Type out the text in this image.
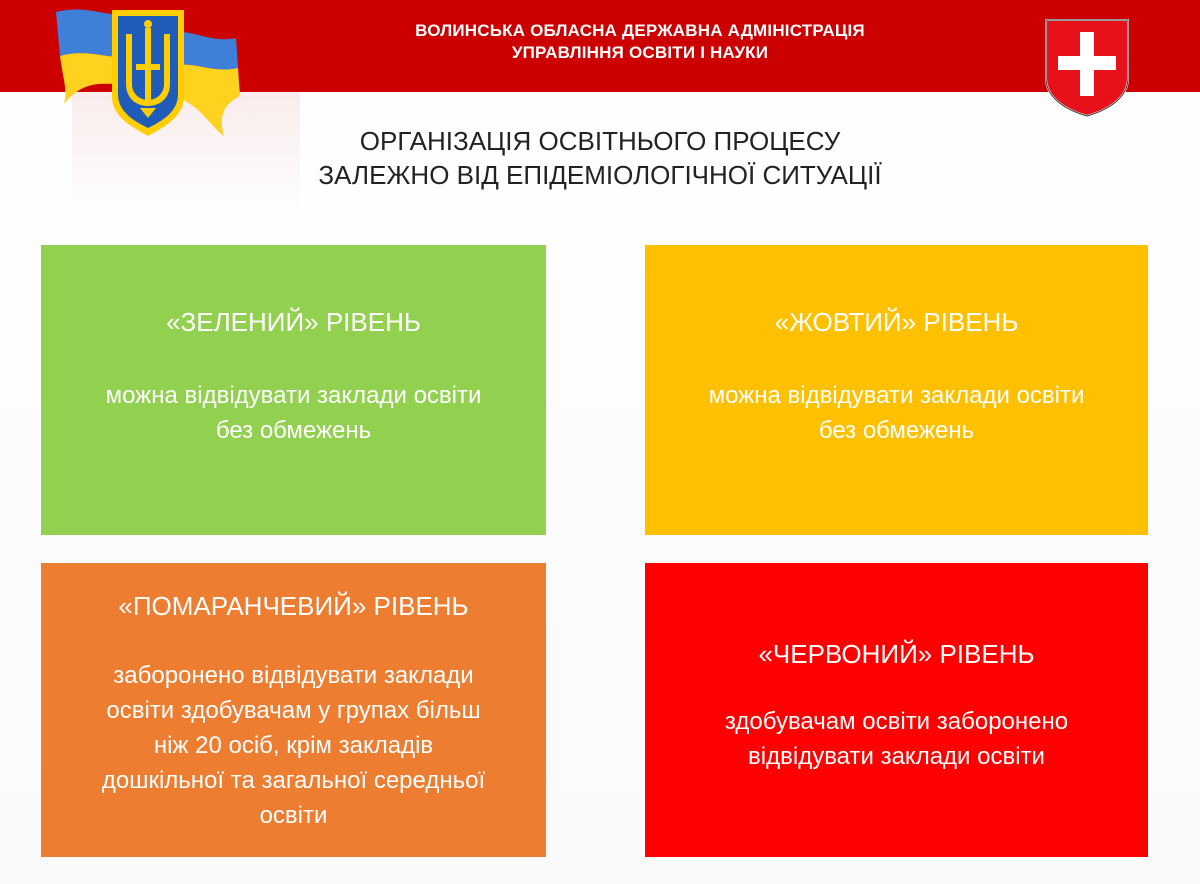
ВОЛИНСЬКА ОБЛАСНА ДЕРЖАВНА АДМІНІСТРАЦІЯ
УПРАВЛІННЯ ОСВІТИ І НАУКИ
ОРГАНІЗАЦІЯ ОСВІТНЬОГО ПРОЦЕСУ
ЗАЛЕЖНО ВІД ЕПІДЕМІОЛОГІЧНОЇ СИТУАЦІЇ
«ЗЕЛЕНИЙ» РІВЕНЬ
можна відвідувати заклади освіти
без обмежень
«ЖОВТИЙ» РІВЕНЬ
можна відвідувати заклади освіти
без обмежень
«ПОМАРАНЧЕВИЙ» РІВЕНЬ
заборонено відвідувати заклади
освіти здобувачам у групах більш
ніж 20 осіб, крім закладів
дошкільної та загальної середньої
освіти
«ЧЕРВОНИЙ» РІВЕНЬ
здобувачам освіти заборонено
відвідувати заклади освіти
